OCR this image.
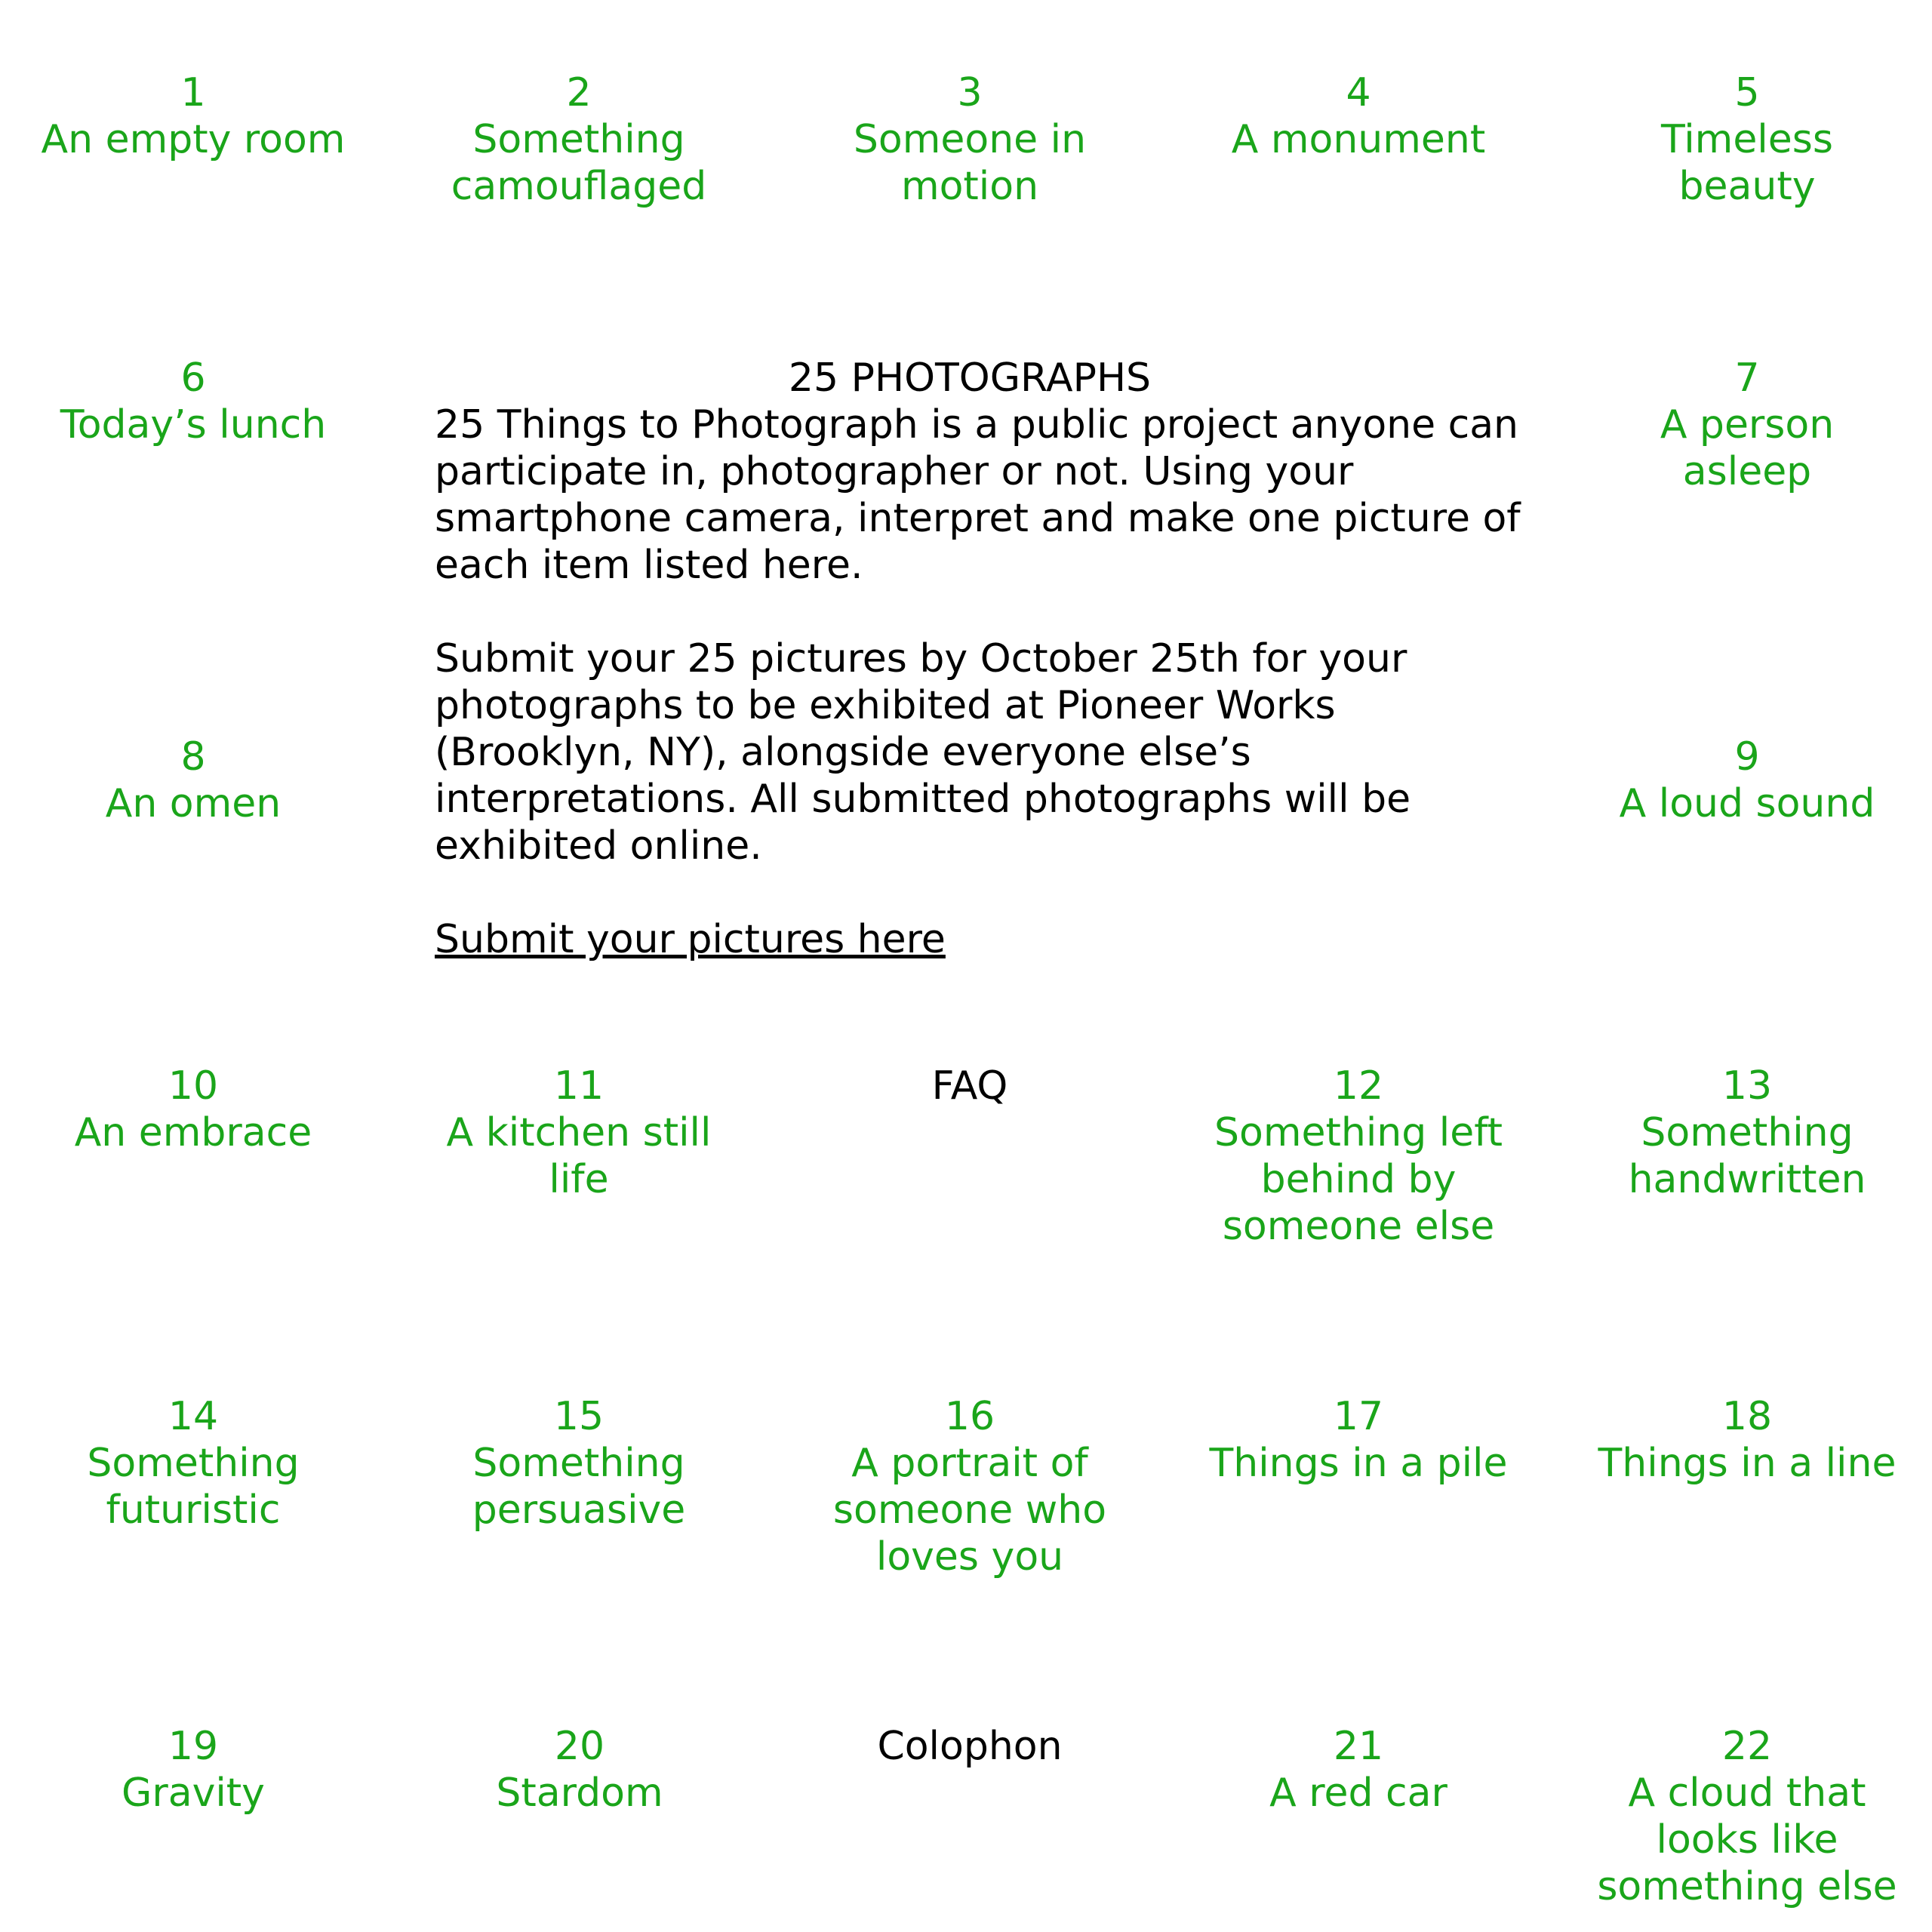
1
An empty room
2
Something camouflaged
3
Someone in motion
4
A monument
5
Timeless beauty
6
Today’s lunch
7
A person asleep
25 PHOTOGRAPHS

25 Things to Photograph is a public project anyone can participate in, photographer or not. Using your smartphone camera, interpret and make one picture of each item listed here.

Submit your 25 pictures by October 25th for your photographs to be exhibited at Pioneer Works (Brooklyn, NY), alongside everyone else’s interpretations. All submitted photographs will be exhibited online.

Submit your pictures here
8
An omen
9
A loud sound
10
An embrace
11
A kitchen still life
FAQ	12
Something left behind by someone else
13
Something handwritten
14
Something futuristic
15
Something persuasive
16
A portrait of someone who loves you
17
Things in a pile
18
Things in a line
19
Gravity
20
Stardom
Colophon	21
A red car
22
A cloud that looks like something else
